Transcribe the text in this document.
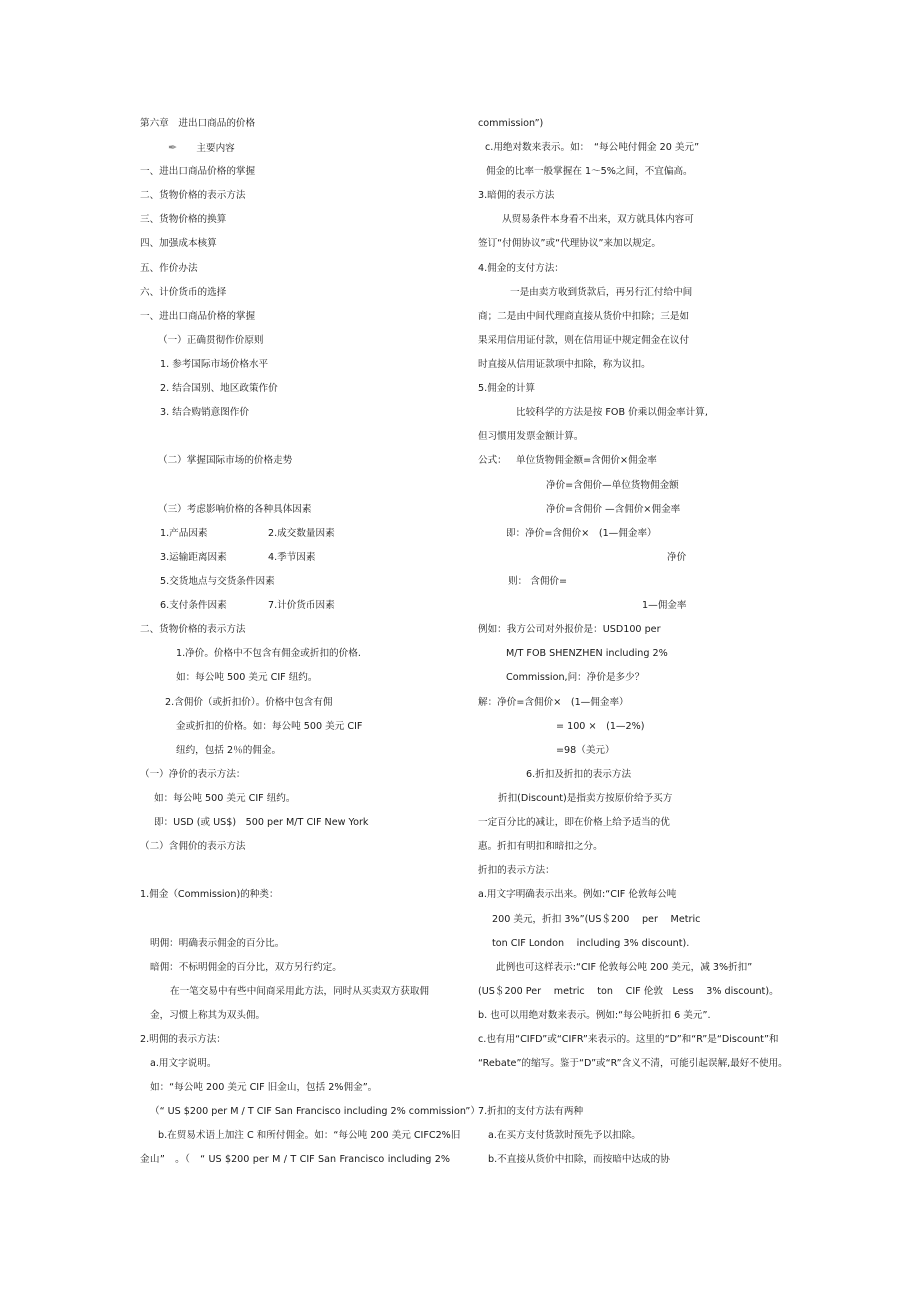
第六章　进出口商品的价格
✒　　 主要内容
一、进出口商品价格的掌握
二、货物价格的表示方法
三、货物价格的换算
四、加强成本核算
五、作价办法
六、计价货币的选择
一、进出口商品价格的掌握
（一）正确贯彻作价原则
1. 参考国际市场价格水平
2. 结合国别、地区政策作价
3. 结合购销意图作价
（二）掌握国际市场的价格走势
（三）考虑影响价格的各种具体因素
1.产品因素	2.成交数量因素
3.运输距离因素	4.季节因素
5.交货地点与交货条件因素
6.支付条件因素	7.计价货币因素
二、货物价格的表示方法
1.净价。价格中不包含有佣金或折扣的价格.
如：每公吨 500 美元 CIF 纽约。
2.含佣价（或折扣价）。价格中包含有佣
金或折扣的价格。如：每公吨 500 美元 CIF
纽约，包括 2％的佣金。
（一）净价的表示方法：
如：每公吨 500 美元 CIF 纽约。
即：USD (或 US$)　500 per M/T CIF New York
（二）含佣价的表示方法
1.佣金（Commission)的种类：
明佣：明确表示佣金的百分比。
暗佣：不标明佣金的百分比，双方另行约定。
在一笔交易中有些中间商采用此方法，同时从买卖双方获取佣
金，习惯上称其为双头佣。
2.明佣的表示方法：
a.用文字说明。
如：“每公吨 200 美元 CIF 旧金山，包括 2%佣金”。
（“ US $200 per M / T CIF San Francisco including 2% commission”）
b.在贸易术语上加注 C 和所付佣金。如：“每公吨 200 美元 CIFC2%旧
金山”　。（　“ US $200 per M / T CIF San Francisco including 2%
commission”)
c.用绝对数来表示。如：　“每公吨付佣金 20 美元”
佣金的比率一般掌握在 1～5%之间，不宜偏高。
3.暗佣的表示方法
从贸易条件本身看不出来，双方就具体内容可
签订“付佣协议”或“代理协议”来加以规定。
4.佣金的支付方法：
一是由卖方收到货款后，再另行汇付给中间
商；二是由中间代理商直接从货价中扣除；三是如
果采用信用证付款，则在信用证中规定佣金在议付
时直接从信用证款项中扣除，称为议扣。
5.佣金的计算
比较科学的方法是按 FOB 价乘以佣金率计算,
但习惯用发票金额计算。
公式： 单位货物佣金额=含佣价×佣金率
净价=含佣价—单位货物佣金额
净价=含佣价 —含佣价×佣金率
即：净价=含佣价×　(1—佣金率）
净价
则： 含佣价=
1—佣金率
例如：我方公司对外报价是：USD100 per
M/T FOB SHENZHEN including 2%
Commission,问：净价是多少？
解：净价=含佣价×　(1—佣金率）
= 100 ×　(1—2%)
=98（美元）
6.折扣及折扣的表示方法
折扣(Discount)是指卖方按原价给予买方
一定百分比的减让，即在价格上给予适当的优
惠。折扣有明扣和暗扣之分。
折扣的表示方法：
a.用文字明确表示出来。例如:“CIF 伦敦每公吨
200 美元，折扣 3%”(US＄200　 per　 Metric
ton CIF London　 including 3% discount).
此例也可这样表示:“CIF 伦敦每公吨 200 美元，减 3%折扣”
(US＄200 Per　 metric　 ton　 CIF 伦敦　Less　 3% discount)。
b. 也可以用绝对数来表示。例如:“每公吨折扣 6 美元”.
c.也有用“CIFD”或“CIFR”来表示的。这里的“D”和“R”是“Discount”和
“Rebate”的缩写。鉴于“D”或“R”含义不清，可能引起误解,最好不使用。
7.折扣的支付方法有两种
a.在买方支付货款时预先予以扣除。
b.不直接从货价中扣除，而按暗中达成的协
